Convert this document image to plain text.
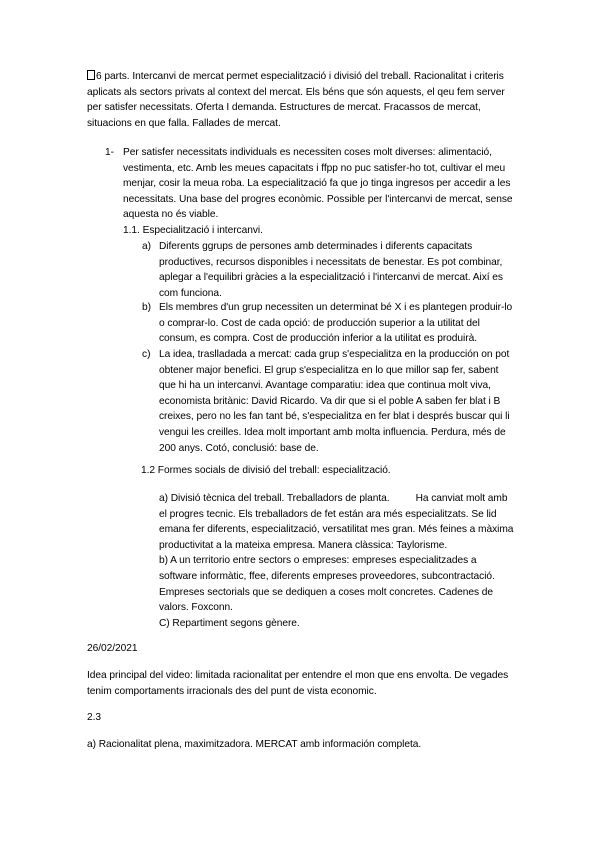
6 parts. Intercanvi de mercat permet especialització i divisió del treball. Racionalitat i criteris
aplicats als sectors privats al context del mercat. Els béns que són aquests, el qeu fem server
per satisfer necessitats. Oferta I demanda. Estructures de mercat. Fracassos de mercat,
situacions en que falla. Fallades de mercat.
1- Per satisfer necessitats individuals es necessiten coses molt diverses: alimentació,
vestimenta, etc. Amb les meues capacitats i ffpp no puc satisfer-ho tot, cultivar el meu
menjar, cosir la meua roba. La especialització fa que jo tinga ingresos per accedir a les
necessitats. Una base del progres econòmic. Possible per l'intercanvi de mercat, sense
aquesta no és viable.
1.1. Especialització i intercanvi.
a) Diferents ggrups de persones amb determinades i diferents capacitats
productives, recursos disponibles i necessitats de benestar. Es pot combinar,
aplegar a l'equilibri gràcies a la especialització i l'intercanvi de mercat. Així es
com funciona.
b) Els membres d'un grup necessiten un determinat bé X i es plantegen produir-lo
o comprar-lo. Cost de cada opció: de producción superior a la utilitat del
consum, es compra. Cost de producción inferior a la utilitat es produirà.
c) La idea, traslladada a mercat: cada grup s'especialitza en la producción on pot
obtener major benefici. El grup s'especialitza en lo que millor sap fer, sabent
que hi ha un intercanvi. Avantage comparatiu: idea que continua molt viva,
economista britànic: David Ricardo. Va dir que si el poble A saben fer blat i B
creixes, pero no les fan tant bé, s'especialitza en fer blat i després buscar qui li
vengui les creilles. Idea molt important amb molta influencia. Perdura, més de
200 anys. Cotó, conclusió: base de.
1.2 Formes socials de divisió del treball: especialització.
a) Divisió tècnica del treball. Treballadors de planta.	Ha canviat molt amb
el progres tecnic. Els treballadors de fet están ara més especialitzats. Se lid
emana fer diferents, especialització, versatilitat mes gran. Més feines a màxima
productivitat a la mateixa empresa. Manera clàssica: Taylorisme.
b) A un territorio entre sectors o empreses: empreses especialitzades a
software informàtic, ffee, diferents empreses proveedores, subcontractació.
Empreses sectorials que se dediquen a coses molt concretes. Cadenes de
valors. Foxconn.
C) Repartiment segons gènere.
26/02/2021
Idea principal del video: limitada racionalitat per entendre el mon que ens envolta. De vegades
tenim comportaments irracionals des del punt de vista economic.
2.3
a) Racionalitat plena, maximitzadora. MERCAT amb información completa.
